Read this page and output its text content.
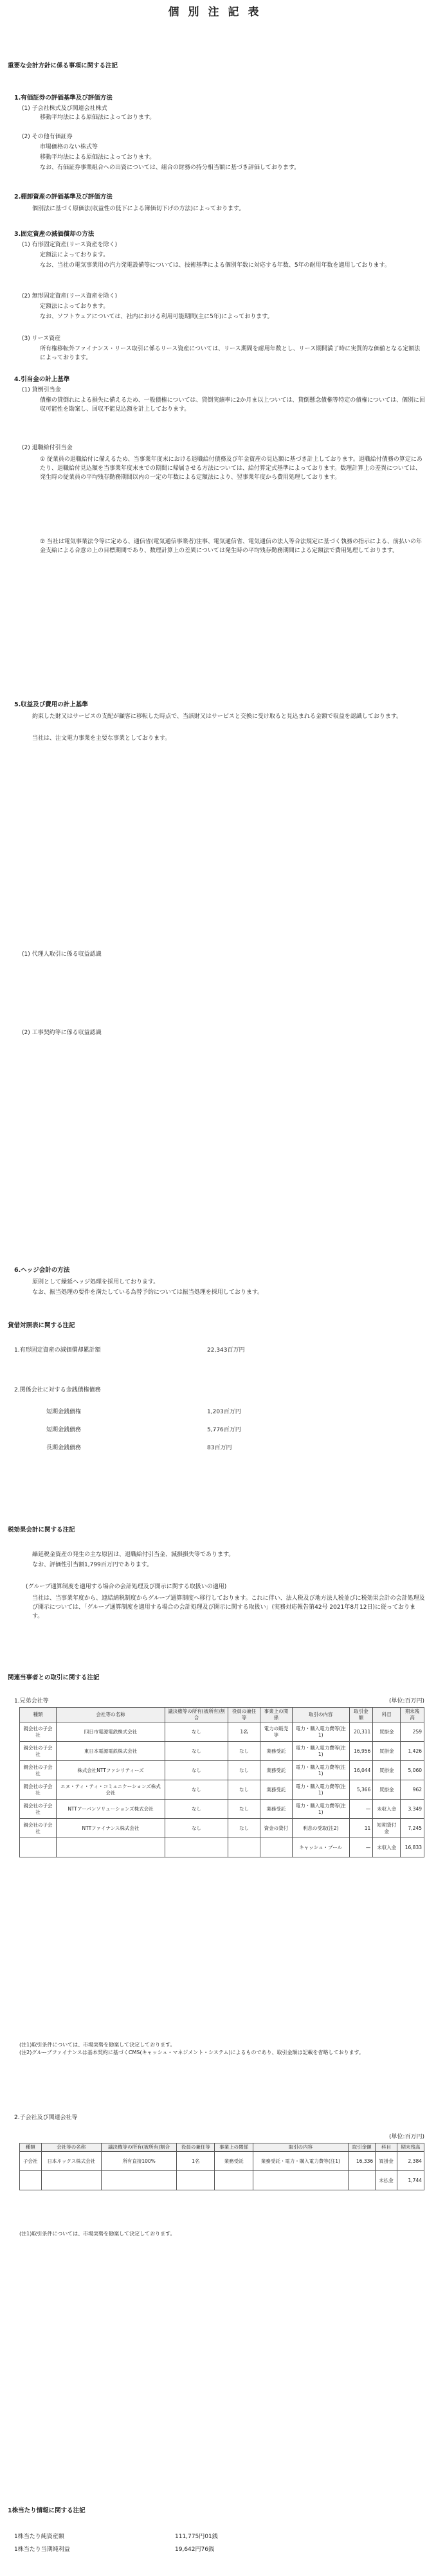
個別注記表
重要な会計方針に係る事項に関する注記
1.有価証券の評価基準及び評価方法
(1) 子会社株式及び関連会社株式
移動平均法による原価法によっております。
(2) その他有価証券
市場価格のない株式等
移動平均法による原価法によっております。
なお、有価証券事業組合への出資については、組合の財務の持分相当額に基づき評価しております。
2.棚卸資産の評価基準及び評価方法
個別法に基づく原価法(収益性の低下による簿価切下げの方法)によっております。
3.固定資産の減価償却の方法
(1) 有形固定資産(リース資産を除く)
定額法によっております。
なお、当社の電気事業用の汽力発電設備等については、技術基準による個別年数に対応する年数、5年の耐用年数を適用しております。
(2) 無形固定資産(リース資産を除く)
定額法によっております。
なお、ソフトウェアについては、社内における利用可能期間(主に5年)によっております。
(3) リース資産
所有権移転外ファイナンス・リース取引に係るリース資産については、リース期間を耐用年数とし、リース期間満了時に実質的な価値となる定額法によっております。
4.引当金の計上基準
(1) 貸倒引当金
債権の貸倒れによる損失に備えるため、一般債権については、貸倒実績率に2か月ま以上ついては、貸倒懸念債権等特定の債権については、個別に回収可能性を勘案し、回収不能見込額を計上しております。
(2) 退職給付引当金
① 従業員の退職給付に備えるため、当事業年度末における退職給付債務及び年金資産の見込額に基づき計上しております。退職給付債務の算定にあたり、退職給付見込額を当事業年度末までの期間に帰属させる方法については、給付算定式基準によっております。数理計算上の差異については、発生時の従業員の平均残存勤務期間以内の一定の年数による定額法により、翌事業年度から費用処理しております。
② 当社は電気事業法令等に定める、通信省(電気通信事業者)注事、電気通信省、電気通信の法人等合法規定に基づく執務の指示による、前払いの年金支給による合意の上の目標期間であり、数理計算上の差異については発生時の平均残存勤務期間による定額法で費用処理しております。
5.収益及び費用の計上基準
約束した財又はサービスの支配が顧客に移転した時点で、当該財又はサービスと交換に受け取ると見込まれる金額で収益を認識しております。
当社は、注文電力事業を主要な事業としております。
(1) 代理人取引に係る収益認識
(2) 工事契約等に係る収益認識
6.ヘッジ会計の方法
原則として繰延ヘッジ処理を採用しております。
なお、振当処理の要件を満たしている為替予約については振当処理を採用しております。
貸借対照表に関する注記
1.有形固定資産の減価償却累計額	22,343百万円
2.関係会社に対する金銭債権債務
短期金銭債権	1,203百万円
短期金銭債務	5,776百万円
長期金銭債務	83百万円
税効果会計に関する注記
繰延税金資産の発生の主な原因は、退職給付引当金、減損損失等であります。
なお、評価性引当額1,799百万円であります。
(グループ通算制度を適用する場合の会計処理及び開示に関する取扱いの適用)
当社は、当事業年度から、連結納税制度からグループ通算制度へ移行しております。これに伴い、法人税及び地方法人税並びに税効果会計の会計処理及び開示については、「グループ通算制度を適用する場合の会計処理及び開示に関する取扱い」(実務対応報告第42号 2021年8月12日)に従っております。
関連当事者との取引に関する注記
1.兄弟会社等	(単位:百万円)
種類	会社等の名称	議決権等の所有(被所有)割合	役員の兼任等	事業上の関係	取引の内容	取引金額	科目	期末残高
親会社の子会社	四日市電源電鉄株式会社	なし	1名	電力の販売等	電力・購入電力費等(注1)	20,311	買掛金	259
親会社の子会社	東日本電源電鉄株式会社	なし	なし	業務受託	電力・購入電力費等(注1)	16,956	買掛金	1,426
親会社の子会社	株式会社NTTファシリティーズ	なし	なし	業務受託	電力・購入電力費等(注1)	16,044	買掛金	5,060
親会社の子会社	エヌ・ティ・ティ・コミュニケーションズ株式会社	なし	なし	業務受託	電力・購入電力費等(注1)	5,366	買掛金	962
親会社の子会社	NTTアーバンソリューションズ株式会社	なし	なし	業務受託	電力・購入電力費等(注1)	—	未収入金	3,349
親会社の子会社	NTTファイナンス株式会社	なし	なし	資金の貸付	利息の受取(注2)	11	短期貸付金	7,245
					キャッシュ・プール	—	未収入金	16,833
(注1)取引条件については、市場実勢を勘案して決定しております。
(注2)グループファイナンスは基本契約に基づくCMS(キャッシュ・マネジメント・システム)によるものであり、取引金額は記載を省略しております。
2.子会社及び関連会社等
(単位:百万円)
種類	会社等の名称	議決権等の所有(被所有)割合	役員の兼任等	事業上の関係	取引の内容	取引金額	科目	期末残高
子会社	日本ネックス株式会社	所有直接100%	1名	業務受託	業務受託・電力・購入電力費等(注1)	16,336	買掛金	2,384
							未払金	1,744
(注1)取引条件については、市場実勢を勘案して決定しております。
1株当たり情報に関する注記
1株当たり純資産額	111,775円01銭
1株当たり当期純利益	19,642円76銭
